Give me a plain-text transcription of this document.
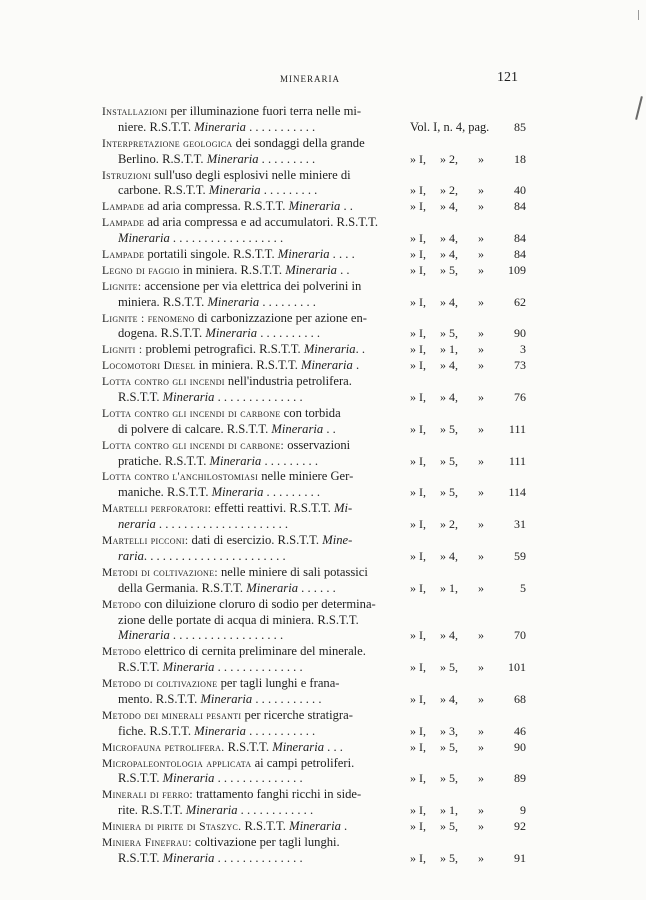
MINERARIA	121
Installazioni per illuminazione fuori terra nelle mi-
niere. R.S.T.T. Mineraria . . . . . . . . . . .	Vol. I, n. 4, pag.	85
Interpretazione geologica dei sondaggi della grande
Berlino. R.S.T.T. Mineraria . . . . . . . . .	» I, » 2, »	18
Istruzioni sull'uso degli esplosivi nelle miniere di
carbone. R.S.T.T. Mineraria . . . . . . . . .	» I, » 2, »	40
Lampade ad aria compressa. R.S.T.T. Mineraria . .	» I, » 4, »	84
Lampade ad aria compressa e ad accumulatori. R.S.T.T.
Mineraria . . . . . . . . . . . . . . . . . .	» I, » 4, »	84
Lampade portatili singole. R.S.T.T. Mineraria . . . .	» I, » 4, »	84
Legno di faggio in miniera. R.S.T.T. Mineraria . .	» I, » 5, » 109
Lignite: accensione per via elettrica dei polverini in
miniera. R.S.T.T. Mineraria . . . . . . . . .	» I, » 4, »	62
Lignite : fenomeno di carbonizzazione per azione en-
dogena. R.S.T.T. Mineraria . . . . . . . . . .	» I, » 5, »	90
Ligniti : problemi petrografici. R.S.T.T. Mineraria. .	» I, » 1, »	3
Locomotori Diesel in miniera. R.S.T.T. Mineraria .	» I, » 4, »	73
Lotta contro gli incendi nell'industria petrolifera.
R.S.T.T. Mineraria . . . . . . . . . . . . . .	» I, » 4, »	76
Lotta contro gli incendi di carbone con torbida
di polvere di calcare. R.S.T.T. Mineraria . .	» I, » 5, » 111
Lotta contro gli incendi di carbone: osservazioni
pratiche. R.S.T.T. Mineraria . . . . . . . . .	» I, » 5, » 111
Lotta contro l'anchilostomiasi nelle miniere Ger-
maniche. R.S.T.T. Mineraria . . . . . . . . .	» I, » 5, » 114
Martelli perforatori: effetti reattivi. R.S.T.T. Mi-
neraria . . . . . . . . . . . . . . . . . . . . .	» I, » 2, »	31
Martelli picconi: dati di esercizio. R.S.T.T. Mine-
raria. . . . . . . . . . . . . . . . . . . . . . .	» I, » 4, »	59
Metodi di coltivazione: nelle miniere di sali potassici
della Germania. R.S.T.T. Mineraria . . . . . .	» I, » 1, »	5
Metodo con diluizione cloruro di sodio per determina-
zione delle portate di acqua di miniera. R.S.T.T.
Mineraria . . . . . . . . . . . . . . . . . .	» I, » 4, »	70
Metodo elettrico di cernita preliminare del minerale.
R.S.T.T. Mineraria . . . . . . . . . . . . . .	» I, » 5, » 101
Metodo di coltivazione per tagli lunghi e frana-
mento. R.S.T.T. Mineraria . . . . . . . . . . .	» I, » 4, »	68
Metodo dei minerali pesanti per ricerche stratigra-
fiche. R.S.T.T. Mineraria . . . . . . . . . . .	» I, » 3, »	46
Microfauna petrolifera. R.S.T.T. Mineraria . . .	» I, » 5, »	90
Micropaleontologia applicata ai campi petroliferi.
R.S.T.T. Mineraria . . . . . . . . . . . . . .	» I, » 5, »	89
Minerali di ferro: trattamento fanghi ricchi in side-
rite. R.S.T.T. Mineraria . . . . . . . . . . . .	» I, » 1, »	9
Miniera di pirite di Staszyc. R.S.T.T. Mineraria .	» I, » 5, »	92
Miniera Finefrau: coltivazione per tagli lunghi.
R.S.T.T. Mineraria . . . . . . . . . . . . . .	» I, » 5, »	91
